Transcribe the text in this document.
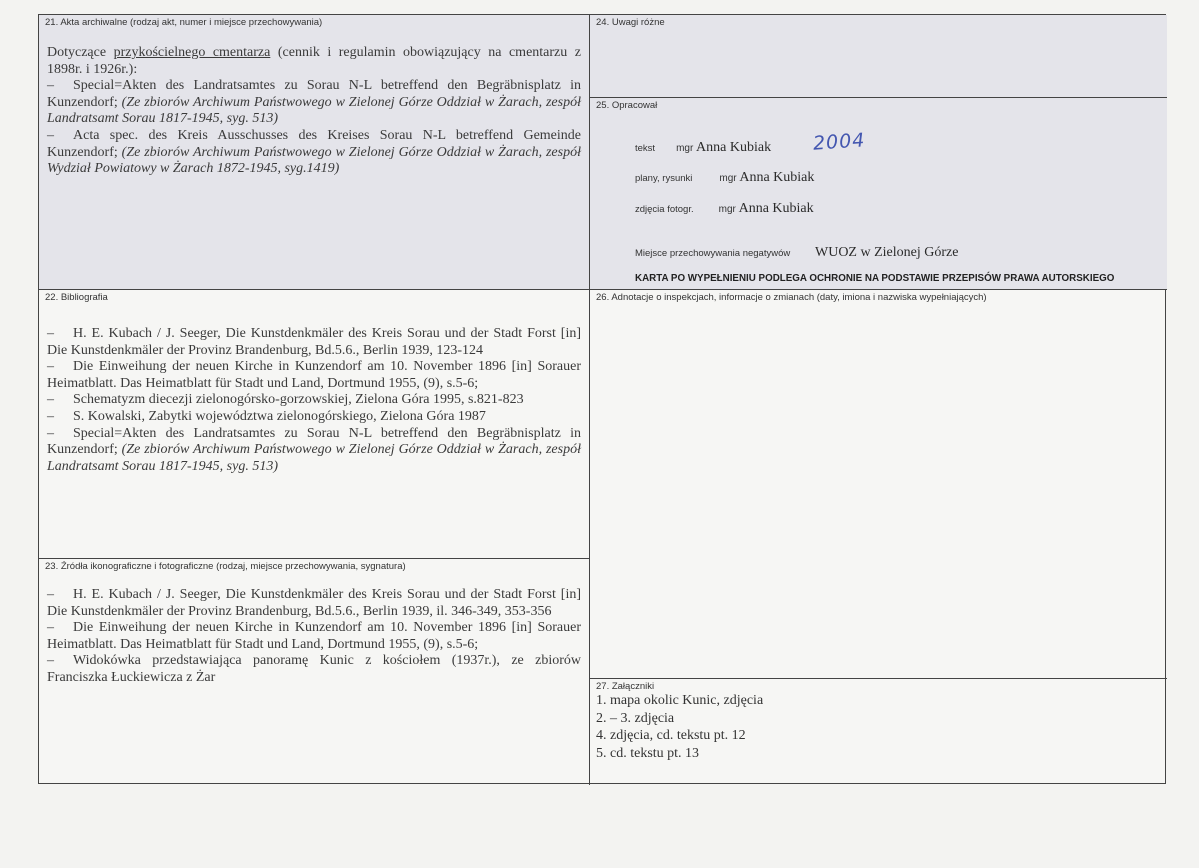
21. Akta archiwalne (rodzaj akt, numer i miejsce przechowywania)

Dotyczące przykościelnego cmentarza (cennik i regulamin obowiązujący na cmentarzu z 1898r. i 1926r.):

– Special=Akten des Landratsamtes zu Sorau N-L betreffend den Begräbnisplatz in Kunzendorf; (Ze zbiorów Archiwum Państwowego w Zielonej Górze Oddział w Żarach, zespół Landratsamt Sorau 1817-1945, syg. 513)

– Acta spec. des Kreis Ausschusses des Kreises Sorau N-L betreffend Gemeinde Kunzendorf; (Ze zbiorów Archiwum Państwowego w Zielonej Górze Oddział w Żarach, zespół Wydział Powiatowy w Żarach 1872-1945, syg.1419)

24. Uwagi różne
25. Opracował
tekst mgr Anna Kubiak 2004
plany, rysunki	mgr Anna Kubiak
zdjęcia fotogr.	mgr Anna Kubiak
Miejsce przechowywania negatywów WUOZ w Zielonej Górze
KARTA PO WYPEŁNIENIU PODLEGA OCHRONIE NA PODSTAWIE PRZEPISÓW PRAWA AUTORSKIEGO
22. Bibliografia

– H. E. Kubach / J. Seeger, Die Kunstdenkmäler des Kreis Sorau und der Stadt Forst [in] Die Kunstdenkmäler der Provinz Brandenburg, Bd.5.6., Berlin 1939, 123-124

– Die Einweihung der neuen Kirche in Kunzendorf am 10. November 1896 [in] Sorauer Heimatblatt. Das Heimatblatt für Stadt und Land, Dortmund 1955, (9), s.5-6;

– Schematyzm diecezji zielonogórsko-gorzowskiej, Zielona Góra 1995, s.821-823

– S. Kowalski, Zabytki województwa zielonogórskiego, Zielona Góra 1987

– Special=Akten des Landratsamtes zu Sorau N-L betreffend den Begräbnisplatz in Kunzendorf; (Ze zbiorów Archiwum Państwowego w Zielonej Górze Oddział w Żarach, zespół Landratsamt Sorau 1817-1945, syg. 513)

26. Adnotacje o inspekcjach, informacje o zmianach (daty, imiona i nazwiska wypełniających)
23. Źródła ikonograficzne i fotograficzne (rodzaj, miejsce przechowywania, sygnatura)

– H. E. Kubach / J. Seeger, Die Kunstdenkmäler des Kreis Sorau und der Stadt Forst [in] Die Kunstdenkmäler der Provinz Brandenburg, Bd.5.6., Berlin 1939, il. 346-349, 353-356

– Die Einweihung der neuen Kirche in Kunzendorf am 10. November 1896 [in] Sorauer Heimatblatt. Das Heimatblatt für Stadt und Land, Dortmund 1955, (9), s.5-6;

– Widokówka przedstawiająca panoramę Kunic z kościołem (1937r.), ze zbiorów Franciszka Łuckiewicza z Żar

27. Załączniki
1. mapa okolic Kunic, zdjęcia
2. – 3. zdjęcia
4. zdjęcia, cd. tekstu pt. 12
5. cd. tekstu pt. 13
